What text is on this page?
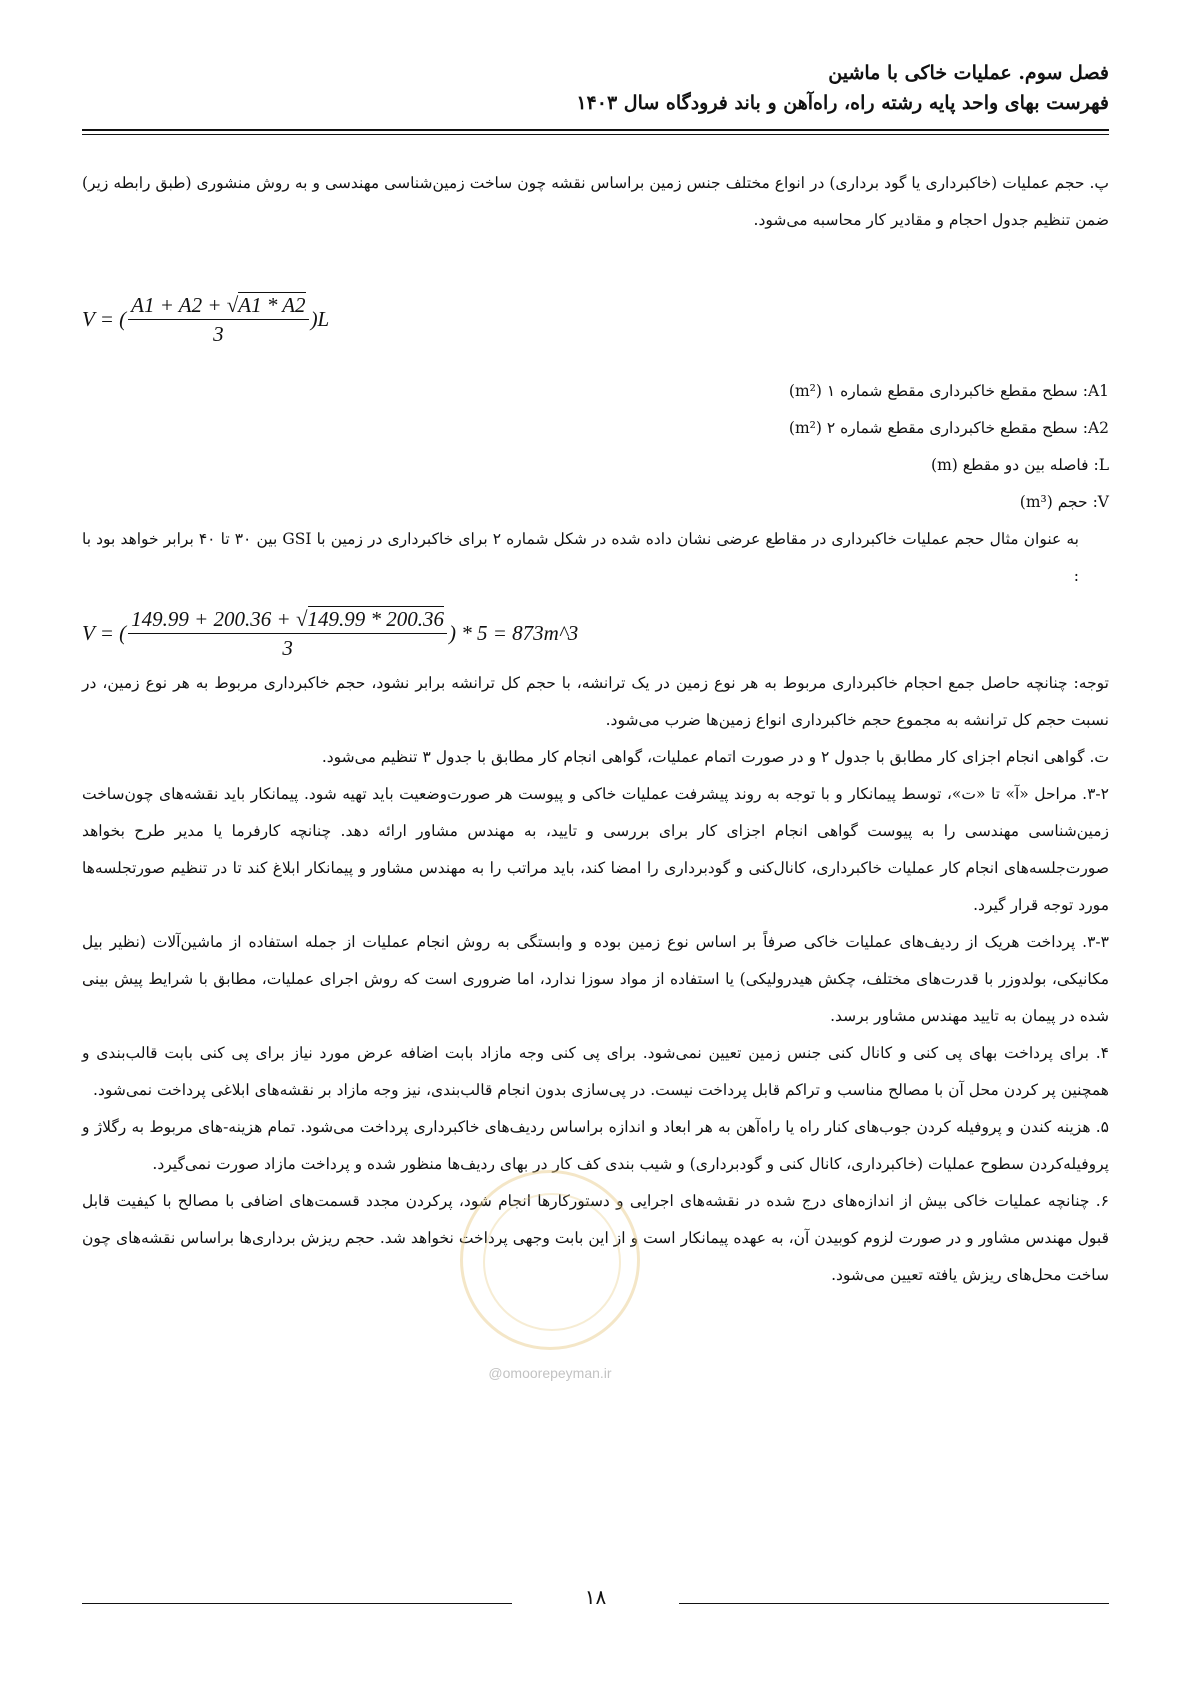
فصل سوم. عملیات خاکی با ماشین
فهرست بهای واحد پایه رشته راه، راه‌آهن و باند فرودگاه سال ۱۴۰۳

پ. حجم عملیات (خاکبرداری یا گود برداری) در انواع مختلف جنس زمین براساس نقشه چون ساخت زمین‌شناسی مهندسی و به روش منشوری (طبق رابطه زیر) ضمن تنظیم جدول احجام و مقادیر کار محاسبه می‌شود.

V = ( $\frac{A1 + A2 + √A1 * A2}{3} )L$
A1: سطح مقطع خاکبرداری مقطع شماره ۱ (m²)
A2: سطح مقطع خاکبرداری مقطع شماره ۲ (m²)
L: فاصله بین دو مقطع (m)
V: حجم (m³)

به عنوان مثال حجم عملیات خاکبرداری در مقاطع عرضی نشان داده شده در شکل شماره ۲ برای خاکبرداری در زمین با GSI بین ۳۰ تا ۴۰ برابر خواهد بود با :

V = ( $\frac{149.99 + 200.36 + √149.99 * 200.36}{3}$ ) * 5 = 873m^3

توجه: چنانچه حاصل جمع احجام خاکبرداری مربوط به هر نوع زمین در یک ترانشه، با حجم کل ترانشه برابر نشود، حجم خاکبرداری مربوط به هر نوع زمین، در نسبت حجم کل ترانشه به مجموع حجم خاکبرداری انواع زمین‌ها ضرب می‌شود.

ت. گواهی انجام اجزای کار مطابق با جدول ۲ و در صورت اتمام عملیات، گواهی انجام کار مطابق با جدول ۳ تنظیم می‌شود.

۳-۲. مراحل «آ» تا «ت»، توسط پیمانکار و با توجه به روند پیشرفت عملیات خاکی و پیوست هر صورت‌وضعیت باید تهیه شود. پیمانکار باید نقشه‌های چون‌ساخت زمین‌شناسی مهندسی را به پیوست گواهی انجام اجزای کار برای بررسی و تایید، به مهندس مشاور ارائه دهد. چنانچه کارفرما یا مدیر طرح بخواهد صورت‌جلسه‌های انجام کار عملیات خاکبرداری، کانال‌کنی و گودبرداری را امضا کند، باید مراتب را به مهندس مشاور و پیمانکار ابلاغ کند تا در تنظیم صورتجلسه‌ها مورد توجه قرار گیرد.

۳-۳. پرداخت هریک از ردیف‌های عملیات خاکی صرفاً بر اساس نوع زمین بوده و وابستگی به روش انجام عملیات از جمله استفاده از ماشین‌آلات (نظیر بیل مکانیکی، بولدوزر با قدرت‌های مختلف، چکش هیدرولیکی) یا استفاده از مواد سوزا ندارد، اما ضروری است که روش اجرای عملیات، مطابق با شرایط پیش بینی شده در پیمان به تایید مهندس مشاور برسد.

۴. برای پرداخت بهای پی کنی و کانال کنی جنس زمین تعیین نمی‌شود. برای پی کنی وجه مازاد بابت اضافه عرض مورد نیاز برای پی کنی بابت قالب‌بندی و همچنین پر کردن محل آن با مصالح مناسب و تراکم قابل پرداخت نیست. در پی‌سازی بدون انجام قالب‌بندی، نیز وجه مازاد بر نقشه‌های ابلاغی پرداخت نمی‌شود.

۵. هزینه کندن و پروفیله کردن جوب‌های کنار راه یا راه‌آهن به هر ابعاد و اندازه براساس ردیف‌های خاکبرداری پرداخت می‌شود. تمام هزینه-های مربوط به رگلاژ و پروفیله‌کردن سطوح عملیات (خاکبرداری، کانال کنی و گودبرداری) و شیب بندی کف کار در بهای ردیف‌ها منظور شده و پرداخت مازاد صورت نمی‌گیرد.

۶. چنانچه عملیات خاکی بیش از اندازه‌های درج شده در نقشه‌های اجرایی و دستورکارها انجام شود، پرکردن مجدد قسمت‌های اضافی با مصالح با کیفیت قابل قبول مهندس مشاور و در صورت لزوم کوبیدن آن، به عهده پیمانکار است و از این بابت وجهی پرداخت نخواهد شد. حجم ریزش برداری‌ها براساس نقشه‌های چون ساخت محل‌های ریزش یافته تعیین می‌شود.

@omoorepeyman.ir
۱۸
